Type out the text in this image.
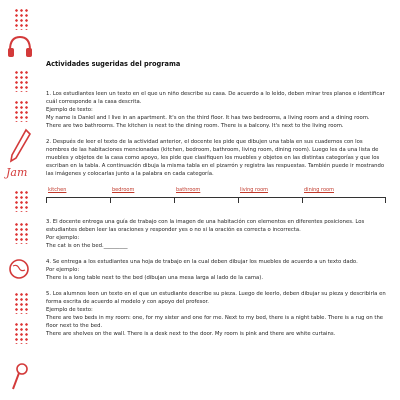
Jam
Actividades sugeridas del programa

1. Los estudiantes leen un texto en el que un niño describe su casa. De acuerdo a lo leído, deben mirar tres planos e identificar cuál corresponde a la casa descrita.

Ejemplo de texto:

My name is Daniel and I live in an apartment. It's on the third floor. It has two bedrooms, a living room and a dining room. There are two bathrooms. The kitchen is next to the dining room. There is a balcony. It's next to the living room.

2. Después de leer el texto de la actividad anterior, el docente les pide que dibujen una tabla en sus cuadernos con los nombres de las habitaciones mencionadas (kitchen, bedroom, bathroom, living room, dining room). Luego les da una lista de muebles y objetos de la casa como apoyo, les pide que clasifiquen los muebles y objetos en las distintas categorías y que los escriban en la tabla. A continuación dibuja la misma tabla en el pizarrón y registra las respuestas. También puede ir mostrando las imágenes y colocarlas junto a la palabra en cada categoría.

kitchen	bedroom	bathroom	living room	dining room

3. El docente entrega una guía de trabajo con la imagen de una habitación con elementos en diferentes posiciones. Los estudiantes deben leer las oraciones y responder yes o no si la oración es correcta o incorrecta.

Por ejemplo:

The cat is on the bed._________

4. Se entrega a los estudiantes una hoja de trabajo en la cual deben dibujar los muebles de acuerdo a un texto dado.

Por ejemplo:

There is a long table next to the bed (dibujan una mesa larga al lado de la cama).

5. Los alumnos leen un texto en el que un estudiante describe su pieza. Luego de leerlo, deben dibujar su pieza y describirla en forma escrita de acuerdo al modelo y con apoyo del profesor.

Ejemplo de texto:

There are two beds in my room: one, for my sister and one for me. Next to my bed, there is a night table. There is a rug on the floor next to the bed.

There are shelves on the wall. There is a desk next to the door. My room is pink and there are white curtains.
